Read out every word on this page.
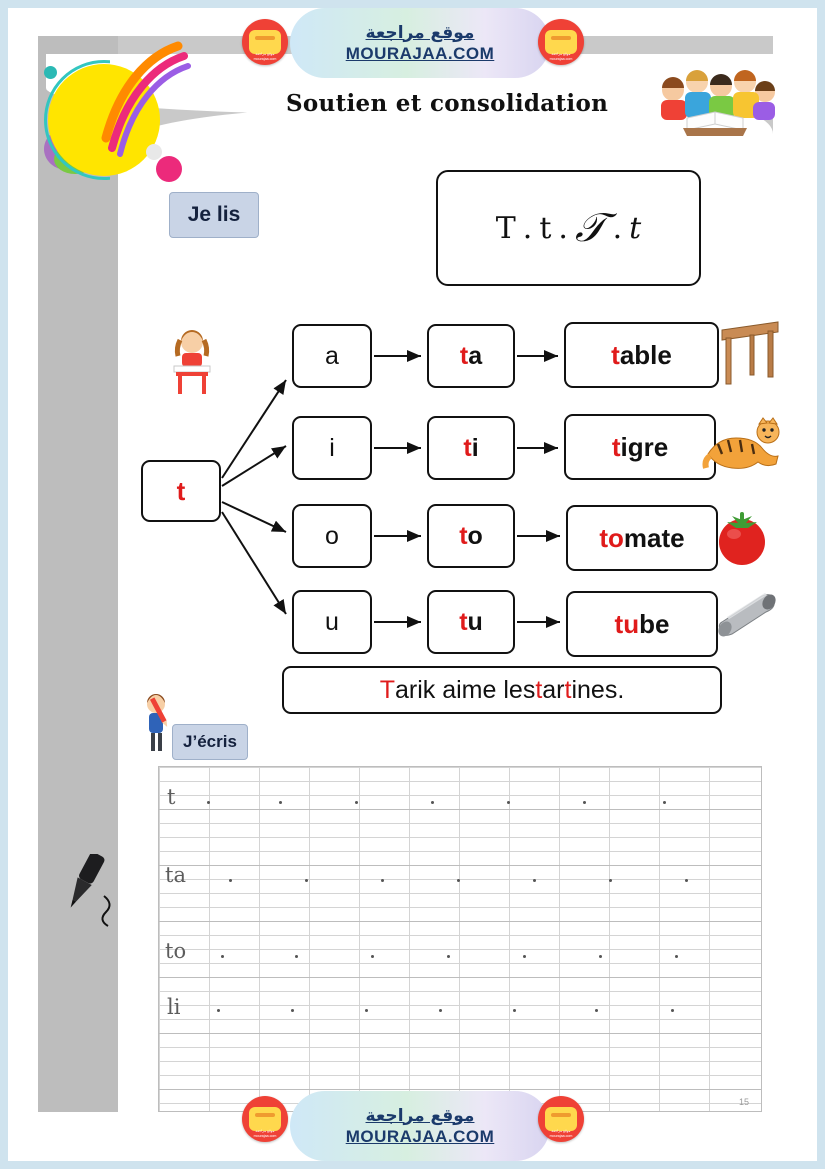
موقع مراجعة
MOURAJAA.COM
موقع مراجعة
mourajaa.com
موقع مراجعة
mourajaa.com
Soutien et consolidation
Je lis	T . t . 𝒯 . t
t
a
i
o
u
t a
t i
t o
t u
t able
t igre
to mate
tu be
T arik aime les t ar t ines.
J’écris
t
ta
to
li
15
موقع مراجعة
MOURAJAA.COM
موقع مراجعة
mourajaa.com
موقع مراجعة
mourajaa.com
